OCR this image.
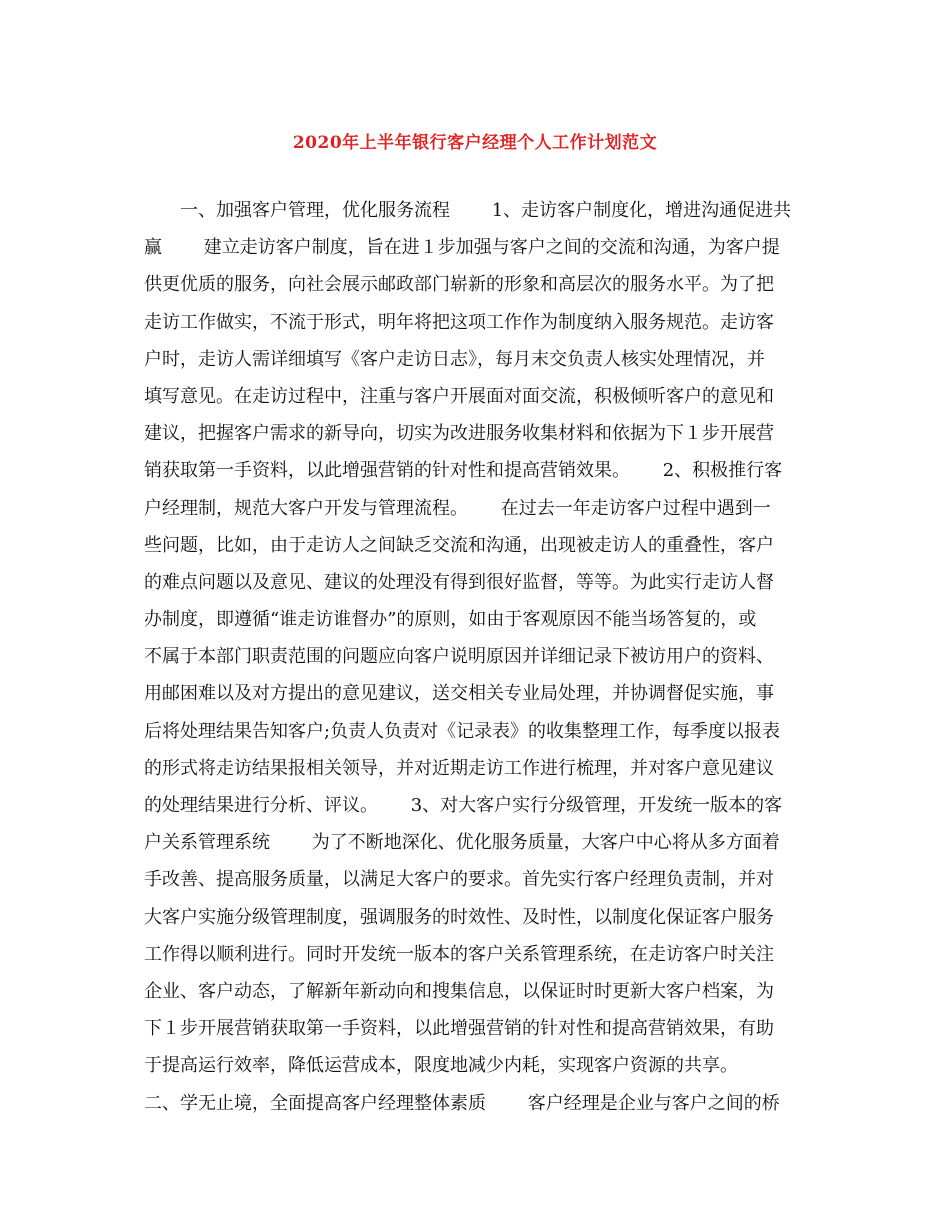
2020年上半年银行客户经理个人工作计划范文
　　一、加强客户管理，优化服务流程　　 1、走访客户制度化，增进沟通促进共
赢　　 建立走访客户制度，旨在进１步加强与客户之间的交流和沟通，为客户提
供更优质的服务，向社会展示邮政部门崭新的形象和高层次的服务水平。为了把
走访工作做实，不流于形式，明年将把这项工作作为制度纳入服务规范。走访客
户时，走访人需详细填写《客户走访日志》，每月末交负责人核实处理情况，并
填写意见。在走访过程中，注重与客户开展面对面交流，积极倾听客户的意见和
建议，把握客户需求的新导向，切实为改进服务收集材料和依据为下１步开展营
销获取第一手资料，以此增强营销的针对性和提高营销效果。　　 2、积极推行客
户经理制，规范大客户开发与管理流程。　　 在过去一年走访客户过程中遇到一
些问题，比如，由于走访人之间缺乏交流和沟通，出现被走访人的重叠性，客户
的难点问题以及意见、建议的处理没有得到很好监督，等等。为此实行走访人督
办制度，即遵循“谁走访谁督办”的原则，如由于客观原因不能当场答复的，或
不属于本部门职责范围的问题应向客户说明原因并详细记录下被访用户的资料、
用邮困难以及对方提出的意见建议，送交相关专业局处理，并协调督促实施，事
后将处理结果告知客户;负责人负责对《记录表》的收集整理工作，每季度以报表
的形式将走访结果报相关领导，并对近期走访工作进行梳理，并对客户意见建议
的处理结果进行分析、评议。　　 3、对大客户实行分级管理，开发统一版本的客
户关系管理系统　　 为了不断地深化、优化服务质量，大客户中心将从多方面着
手改善、提高服务质量，以满足大客户的要求。首先实行客户经理负责制，并对
大客户实施分级管理制度，强调服务的时效性、及时性，以制度化保证客户服务
工作得以顺利进行。同时开发统一版本的客户关系管理系统，在走访客户时关注
企业、客户动态，了解新年新动向和搜集信息，以保证时时更新大客户档案，为
下１步开展营销获取第一手资料，以此增强营销的针对性和提高营销效果，有助
于提高运行效率，降低运营成本，限度地减少内耗，实现客户资源的共享。
二、学无止境，全面提高客户经理整体素质　　 客户经理是企业与客户之间的桥
